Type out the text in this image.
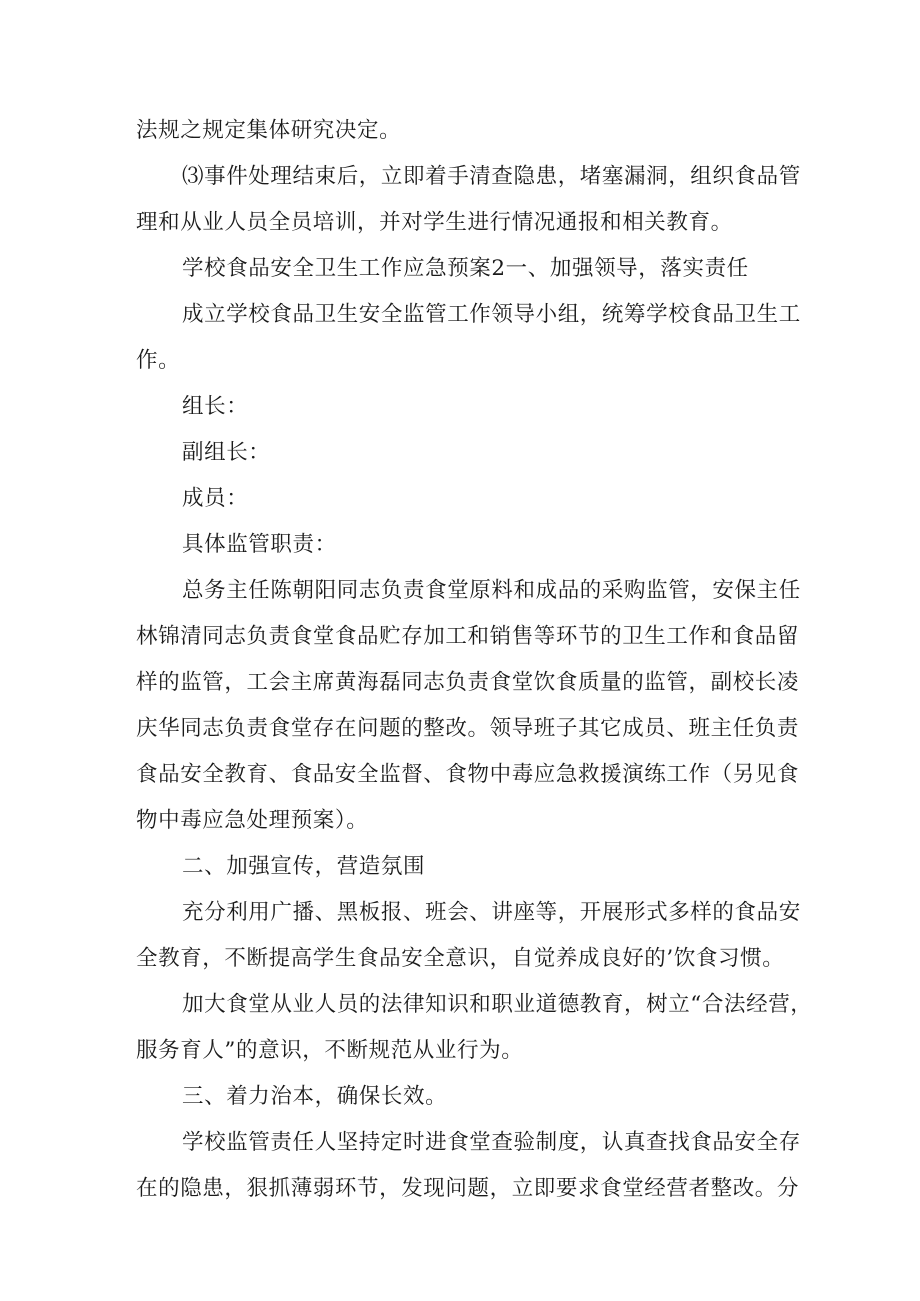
法规之规定集体研究决定。
⑶事件处理结束后，立即着手清查隐患，堵塞漏洞，组织食品管
理和从业人员全员培训，并对学生进行情况通报和相关教育。
学校食品安全卫生工作应急预案2一、加强领导，落实责任
成立学校食品卫生安全监管工作领导小组，统筹学校食品卫生工
作。
组长：
副组长：
成员：
具体监管职责：
总务主任陈朝阳同志负责食堂原料和成品的采购监管，安保主任
林锦清同志负责食堂食品贮存加工和销售等环节的卫生工作和食品留
样的监管，工会主席黄海磊同志负责食堂饮食质量的监管，副校长凌
庆华同志负责食堂存在问题的整改。领导班子其它成员、班主任负责
食品安全教育、食品安全监督、食物中毒应急救援演练工作（另见食
物中毒应急处理预案）。
二、加强宣传，营造氛围
充分利用广播、黑板报、班会、讲座等，开展形式多样的食品安
全教育，不断提高学生食品安全意识，自觉养成良好的’饮食习惯。
加大食堂从业人员的法律知识和职业道德教育，树立“合法经营，
服务育人”的意识，不断规范从业行为。
三、着力治本，确保长效。
学校监管责任人坚持定时进食堂查验制度，认真查找食品安全存
在的隐患，狠抓薄弱环节，发现问题，立即要求食堂经营者整改。分
